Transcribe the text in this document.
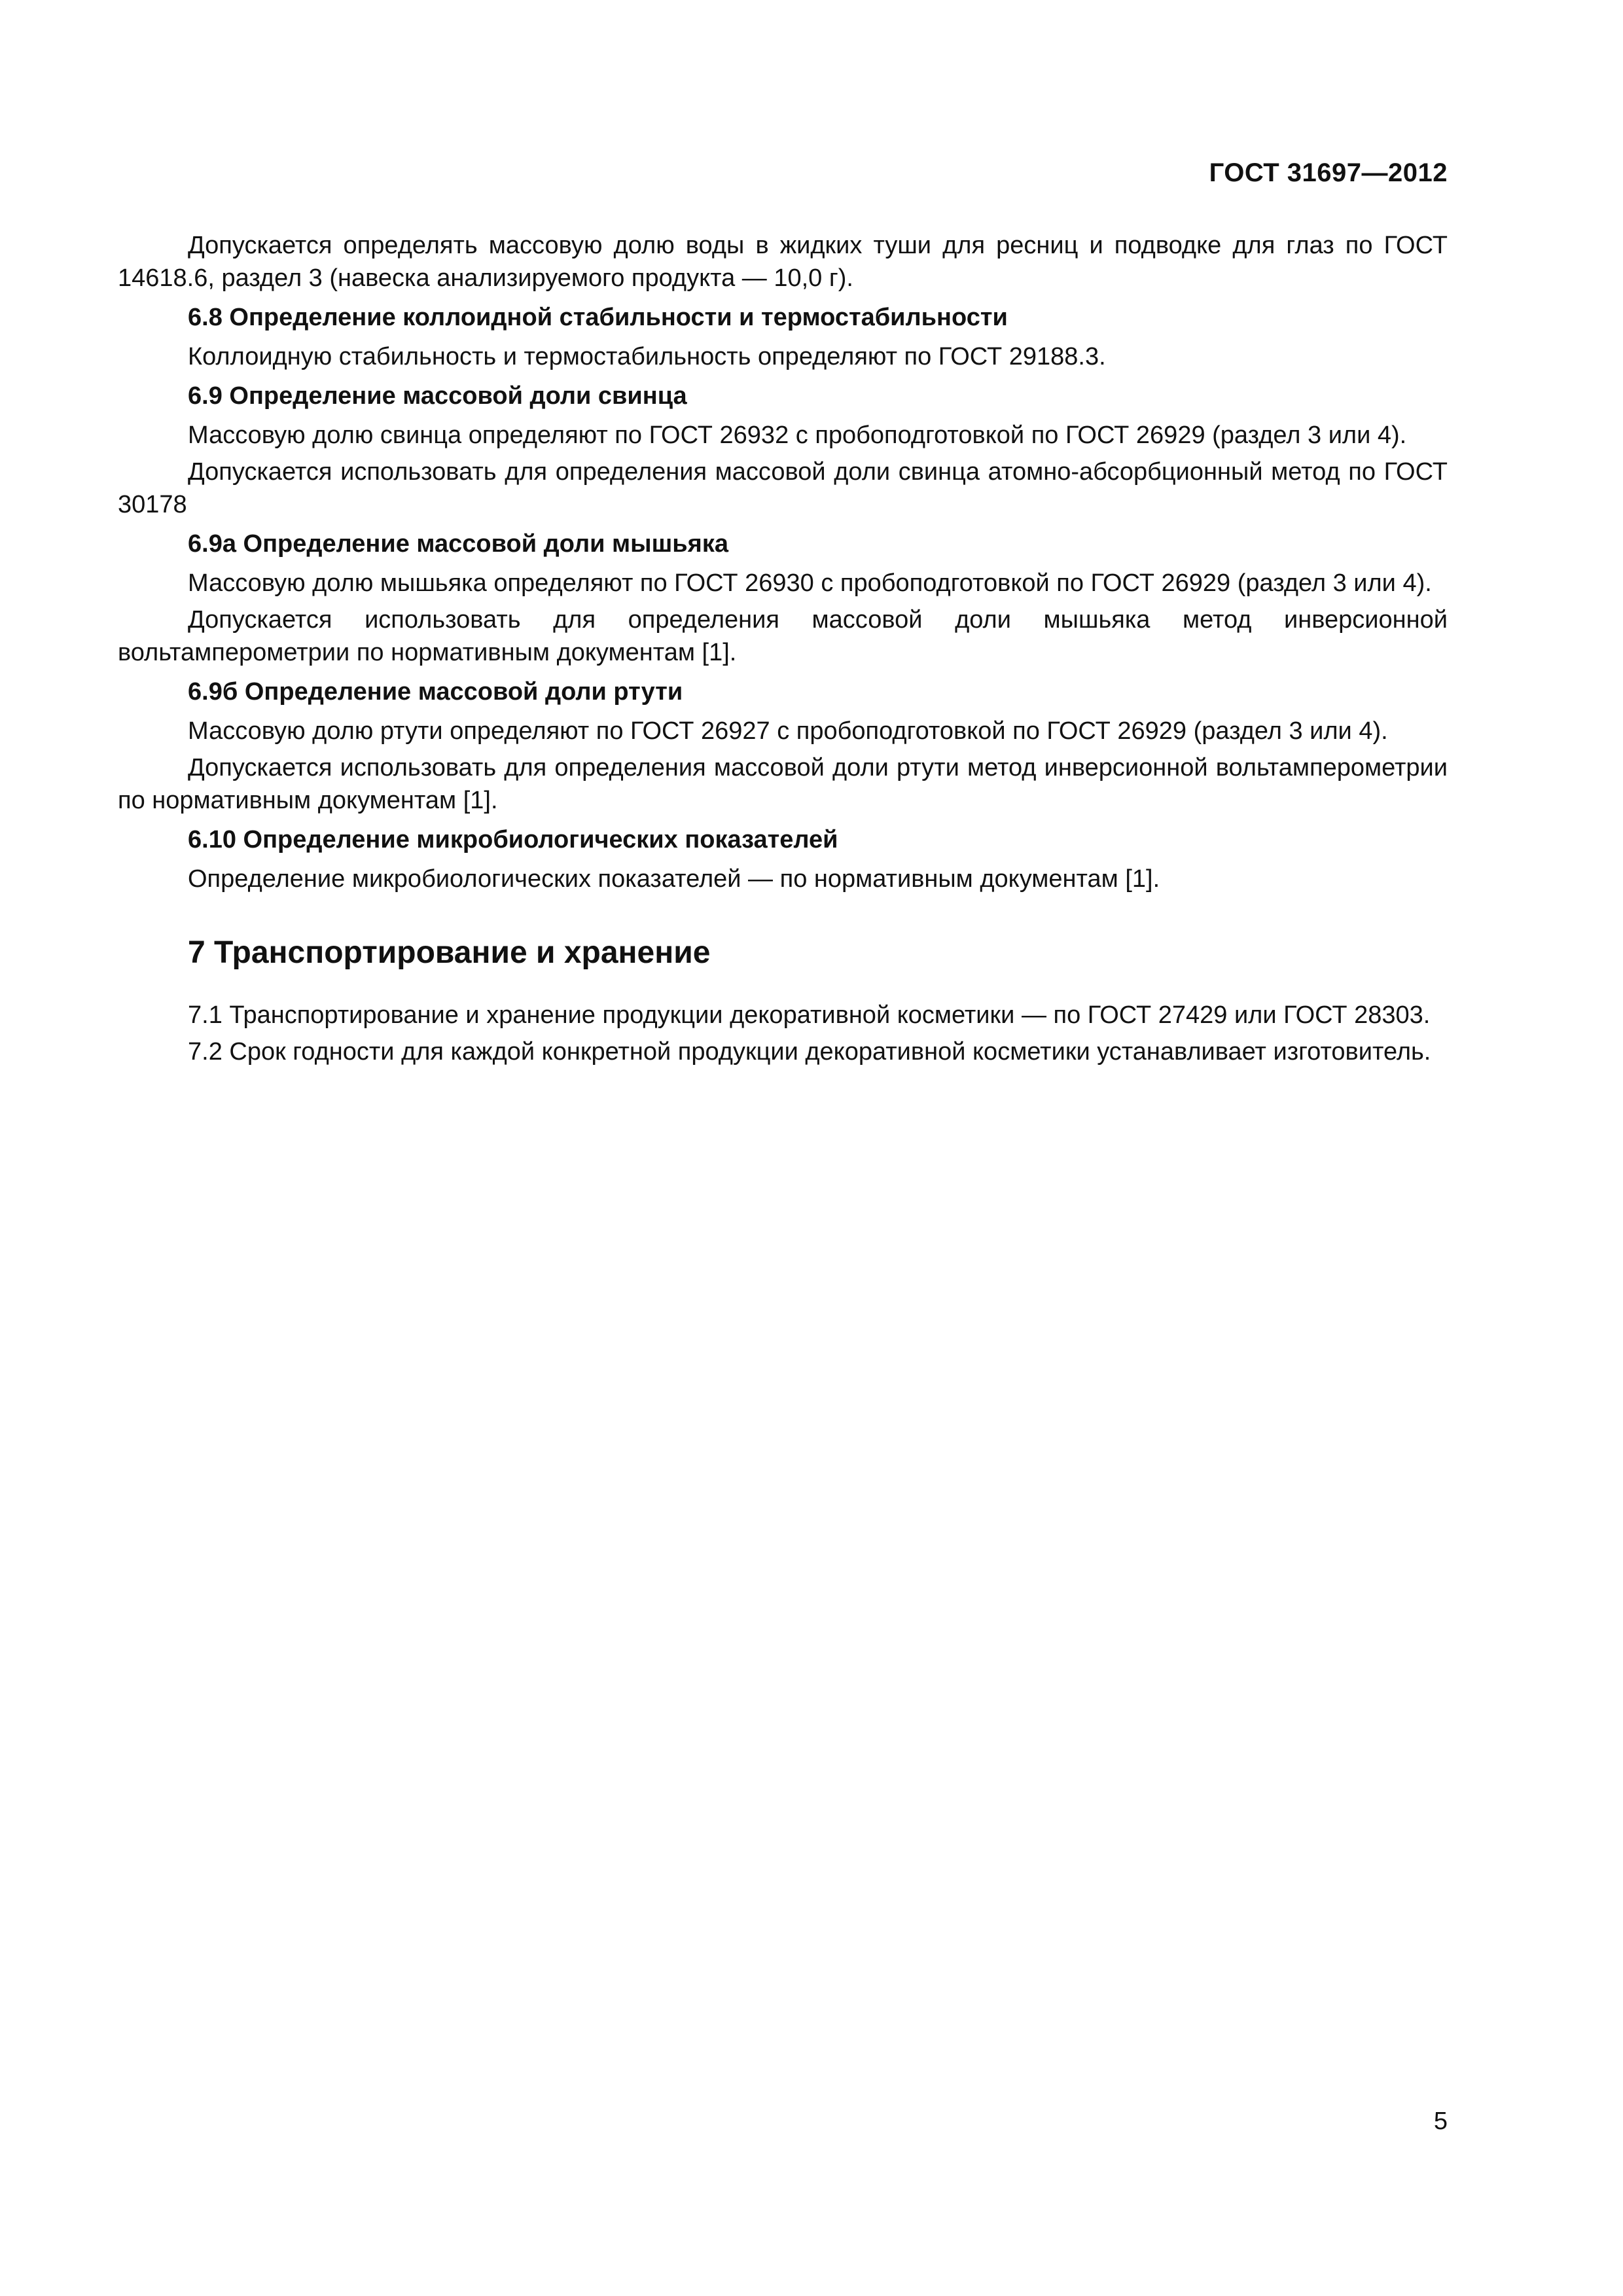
ГОСТ 31697—2012

Допускается определять массовую долю воды в жидких туши для ресниц и подводке для глаз по ГОСТ 14618.6, раздел 3 (навеска анализируемого продукта — 10,0 г).

6.8 Определение коллоидной стабильности и термостабильности

Коллоидную стабильность и термостабильность определяют по ГОСТ 29188.3.

6.9 Определение массовой доли свинца

Массовую долю свинца определяют по ГОСТ 26932 с пробоподготовкой по ГОСТ 26929 (раздел 3 или 4).

Допускается использовать для определения массовой доли свинца атомно-абсорбционный метод по ГОСТ 30178

6.9а Определение массовой доли мышьяка

Массовую долю мышьяка определяют по ГОСТ 26930 с пробоподготовкой по ГОСТ 26929 (раздел 3 или 4).

Допускается использовать для определения массовой доли мышьяка метод инверсионной вольтамперометрии по нормативным документам [1].

6.9б Определение массовой доли ртути

Массовую долю ртути определяют по ГОСТ 26927 с пробоподготовкой по ГОСТ 26929 (раздел 3 или 4).

Допускается использовать для определения массовой доли ртути метод инверсионной вольтамперометрии по нормативным документам [1].

6.10 Определение микробиологических показателей

Определение микробиологических показателей — по нормативным документам [1].

7 Транспортирование и хранение

7.1 Транспортирование и хранение продукции декоративной косметики — по ГОСТ 27429 или ГОСТ 28303.

7.2 Срок годности для каждой конкретной продукции декоративной косметики устанавливает изготовитель.

5
